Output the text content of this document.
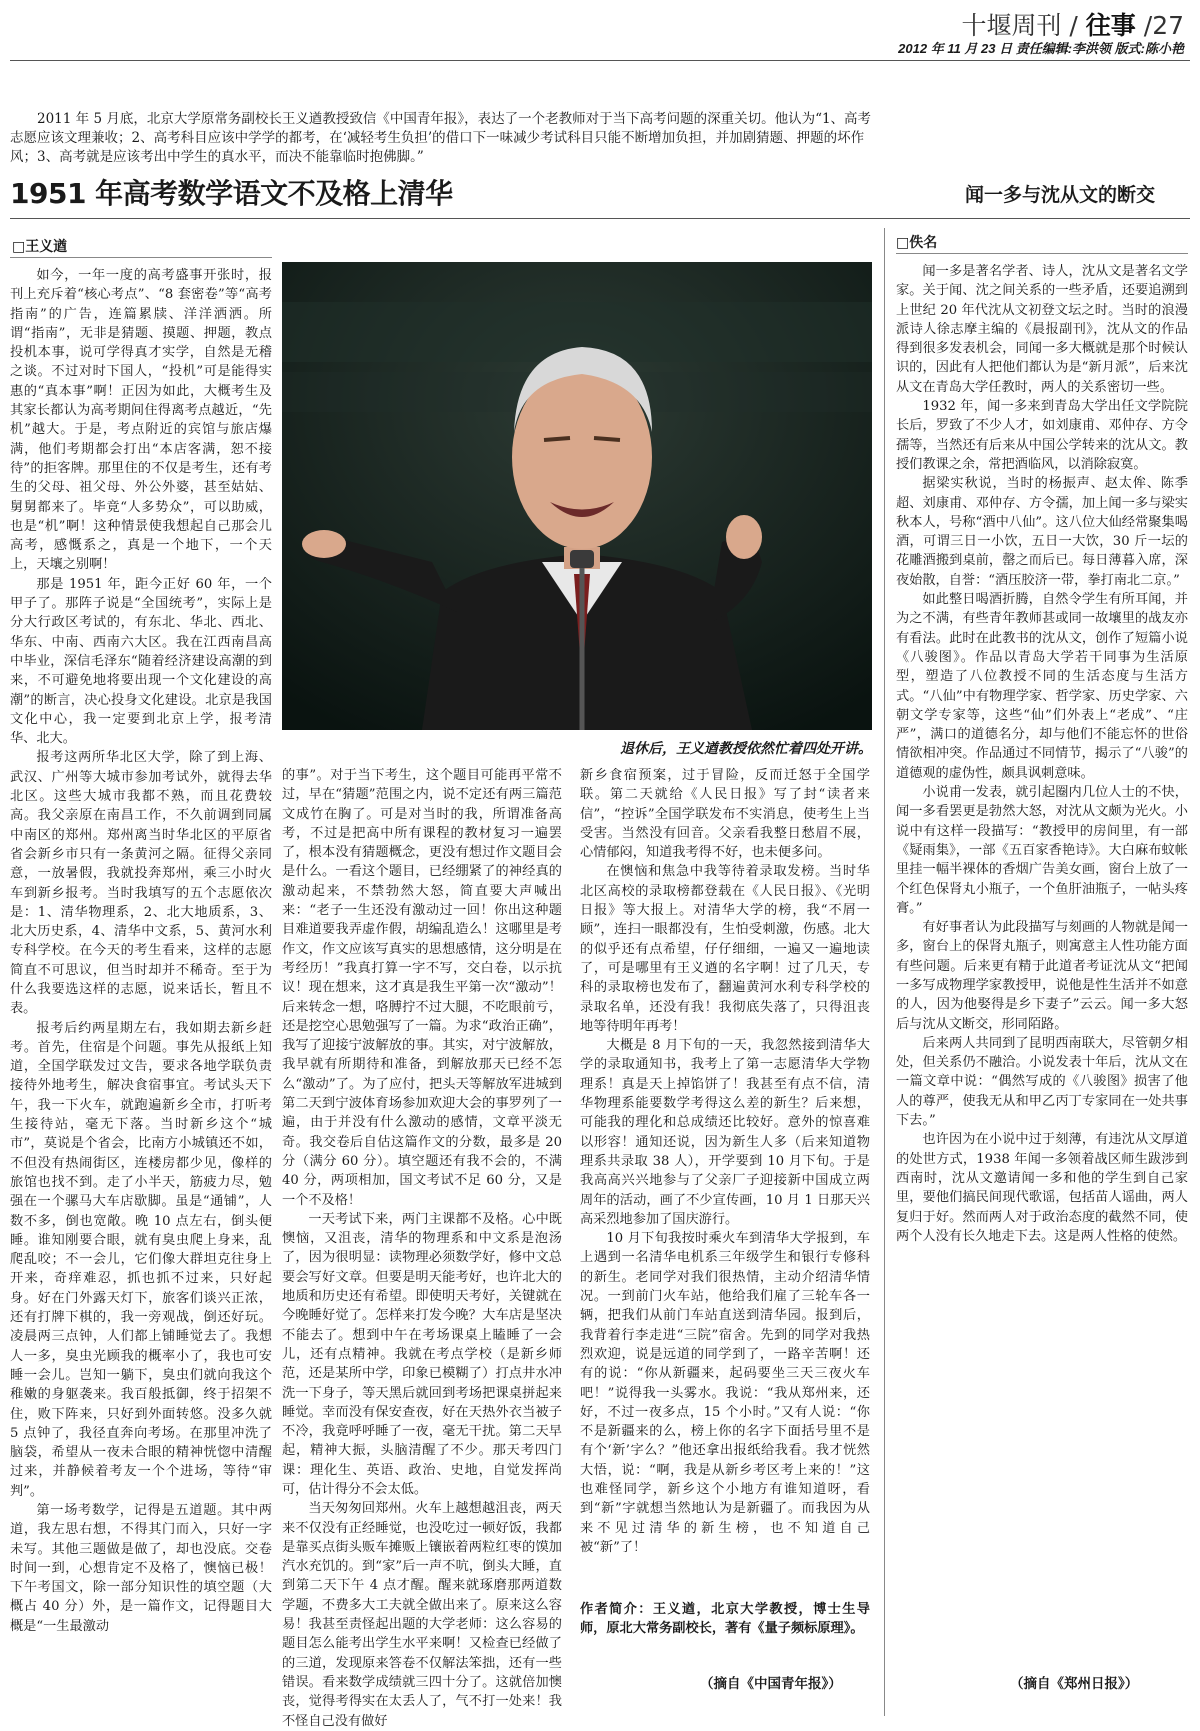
十堰周刊 / 往事 /27
2012 年 11 月 23 日 责任编辑:李洪领 版式:陈小艳
2011 年 5 月底，北京大学原常务副校长王义遒教授致信《中国青年报》，表达了一个老教师对于当下高考问题的深重关切。他认为“1、高考志愿应该文理兼收；2、高考科目应该中学学的都考，在‘减轻考生负担’的借口下一味减少考试科目只能不断增加负担，并加剧猜题、押题的坏作风；3、高考就是应该考出中学生的真水平，而决不能靠临时抱佛脚。”
1951 年高考数学语文不及格上清华	闻一多与沈从文的断交
□王义遒

如今，一年一度的高考盛事开张时，报刊上充斥着“核心考点”、“8 套密卷”等“高考指南”的广告，连篇累牍、洋洋洒洒。所谓“指南”，无非是猜题、摸题、押题，教点投机本事，说可学得真才实学，自然是无稽之谈。不过对时下国人，“投机”可是能得实惠的“真本事”啊！正因为如此，大概考生及其家长都认为高考期间住得离考点越近，“先机”越大。于是，考点附近的宾馆与旅店爆满，他们考期都会打出“本店客满，恕不接待”的拒客牌。那里住的不仅是考生，还有考生的父母、祖父母、外公外婆，甚至姑姑、舅舅都来了。毕竟“人多势众”，可以助威，也是“机”啊！这种情景使我想起自己那会儿高考，感慨系之，真是一个地下，一个天上，天壤之别啊！

那是 1951 年，距今正好 60 年，一个甲子了。那阵子说是“全国统考”，实际上是分大行政区考试的，有东北、华北、西北、华东、中南、西南六大区。我在江西南昌高中毕业，深信毛泽东“随着经济建设高潮的到来，不可避免地将要出现一个文化建设的高潮”的断言，决心投身文化建设。北京是我国文化中心，我一定要到北京上学，报考清华、北大。

报考这两所华北区大学，除了到上海、武汉、广州等大城市参加考试外，就得去华北区。这些大城市我都不熟，而且花费较高。我父亲原在南昌工作，不久前调到同属中南区的郑州。郑州离当时华北区的平原省省会新乡市只有一条黄河之隔。征得父亲同意，一放暑假，我就投奔郑州，乘三小时火车到新乡报考。当时我填写的五个志愿依次是：1、清华物理系，2、北大地质系，3、北大历史系，4、清华中文系，5、黄河水利专科学校。在今天的考生看来，这样的志愿简直不可思议，但当时却并不稀奇。至于为什么我要选这样的志愿，说来话长，暂且不表。

报考后约两星期左右，我如期去新乡赶考。首先，住宿是个问题。事先从报纸上知道，全国学联发过文告，要求各地学联负责接待外地考生，解决食宿事宜。考试头天下午，我一下火车，就跑遍新乡全市，打听考生接待站，毫无下落。当时新乡这个“城市”，莫说是个省会，比南方小城镇还不如，不但没有热闹街区，连楼房都少见，像样的旅馆也找不到。走了小半天，筋疲力尽，勉强在一个骡马大车店歇脚。虽是“通铺”，人数不多，倒也宽敞。晚 10 点左右，倒头便睡。谁知刚要合眼，就有臭虫爬上身来，乱爬乱咬；不一会儿，它们像大群坦克往身上开来，奇痒难忍，抓也抓不过来，只好起身。好在门外露天灯下，旅客们谈兴正浓，还有打牌下棋的，我一旁观战，倒还好玩。凌晨两三点钟，人们都上铺睡觉去了。我想人一多，臭虫光顾我的概率小了，我也可安睡一会儿。岂知一躺下，臭虫们就向我这个稚嫩的身躯袭来。我百般抵御，终于招架不住，败下阵来，只好到外面转悠。没多久就 5 点钟了，我径直奔向考场。在那里冲洗了脑袋，希望从一夜未合眼的精神恍惚中清醒过来，并静候着考友一个个进场，等待“审判”。

第一场考数学，记得是五道题。其中两道，我左思右想，不得其门而入，只好一字未写。其他三题做是做了，却也没底。交卷时间一到，心想肯定不及格了，懊恼已极！下午考国文，除一部分知识性的填空题（大概占 40 分）外，是一篇作文，记得题目大概是“一生最激动

退休后，王义遒教授依然忙着四处开讲。

的事”。对于当下考生，这个题目可能再平常不过，早在“猜题”范围之内，说不定还有两三篇范文成竹在胸了。可是对当时的我，所谓准备高考，不过是把高中所有课程的教材复习一遍罢了，根本没有猜题概念，更没有想过作文题目会是什么。一看这个题目，已经绷紧了的神经真的激动起来，不禁勃然大怒，简直要大声喊出来：“老子一生还没有激动过一回！你出这种题目难道要我弄虚作假，胡编乱造么！这哪里是考作文，作文应该写真实的思想感情，这分明是在考经历！”我真打算一字不写，交白卷，以示抗议！现在想来，这才真是我生平第一次“激动”！后来转念一想，咯膊拧不过大腿，不吃眼前亏，还是挖空心思勉强写了一篇。为求“政治正确”，我写了迎接宁波解放的事。其实，对宁波解放，我早就有所期待和准备，到解放那天已经不怎么“激动”了。为了应付，把头天等解放军进城到第二天到宁波体育场参加欢迎大会的事罗列了一遍，由于并没有什么激动的感情，文章平淡无奇。我交卷后自估这篇作文的分数，最多是 20 分（满分 60 分）。填空题还有我不会的，不满 40 分，两项相加，国文考试不足 60 分，又是一个不及格！

一天考试下来，两门主课都不及格。心中既懊恼，又沮丧，清华的物理系和中文系是泡汤了，因为很明显：读物理必须数学好，修中文总要会写好文章。但要是明天能考好，也许北大的地质和历史还有希望。即使明天考好，关键就在今晚睡好觉了。怎样来打发今晚？大车店是坚决不能去了。想到中午在考场课桌上瞌睡了一会儿，还有点精神。我就在考点学校（是新乡师范，还是某所中学，印象已模糊了）打点井水冲洗一下身子，等天黑后就回到考场把课桌拼起来睡觉。幸而没有保安查夜，好在天热外衣当被子不冷，我竟呼呼睡了一夜，毫无干扰。第二天早起，精神大振，头脑清醒了不少。那天考四门课：理化生、英语、政治、史地，自觉发挥尚可，估计得分不会太低。

当天匆匆回郑州。火车上越想越沮丧，两天来不仅没有正经睡觉，也没吃过一顿好饭，我都是靠买点街头贩车摊贩上镶嵌着两粒红枣的馍加汽水充饥的。到“家”后一声不吭，倒头大睡，直到第二天下午 4 点才醒。醒来就琢磨那两道数学题，不费多大工夫就全做出来了。原来这么容易！我甚至责怪起出题的大学老师：这么容易的题目怎么能考出学生水平来啊！又检查已经做了的三道，发现原来答卷不仅解法笨拙，还有一些错误。看来数学成绩就三四十分了。这就倍加懊丧，觉得考得实在太丢人了，气不打一处来！我不怪自己没有做好

新乡食宿预案，过于冒险，反而迁怒于全国学联。第二天就给《人民日报》写了封“读者来信”，“控诉”全国学联发布不实消息，使考生上当受害。当然没有回音。父亲看我整日愁眉不展，心情郁闷，知道我考得不好，也未便多问。

在懊恼和焦急中我等待着录取发榜。当时华北区高校的录取榜都登载在《人民日报》、《光明日报》等大报上。对清华大学的榜，我“不屑一顾”，连扫一眼都没有，生怕受刺激，伤感。北大的似乎还有点希望，仔仔细细，一遍又一遍地读了，可是哪里有王义遒的名字啊！过了几天，专科的录取榜也发布了，翻遍黄河水利专科学校的录取名单，还没有我！我彻底失落了，只得沮丧地等待明年再考！

大概是 8 月下旬的一天，我忽然接到清华大学的录取通知书，我考上了第一志愿清华大学物理系！真是天上掉馅饼了！我甚至有点不信，清华物理系能要数学考得这么差的新生？后来想，可能我的理化和总成绩还比较好。意外的惊喜难以形容！通知还说，因为新生人多（后来知道物理系共录取 38 人），开学要到 10 月下旬。于是我高高兴兴地参与了父亲厂子迎接新中国成立两周年的活动，画了不少宣传画，10 月 1 日那天兴高采烈地参加了国庆游行。

10 月下旬我按时乘火车到清华大学报到，车上遇到一名清华电机系三年级学生和银行专修科的新生。老同学对我们很热情，主动介绍清华情况。一到前门火车站，他给我们雇了三轮车各一辆，把我们从前门车站直送到清华园。报到后，我背着行李走进“三院”宿舍。先到的同学对我热烈欢迎，说是远道的同学到了，一路辛苦啊！还有的说：“你从新疆来，起码要坐三天三夜火车吧！”说得我一头雾水。我说：“我从郑州来，还好，不过一夜多点，15 个小时。”又有人说：“你不是新疆来的么，榜上你的名字下面括号里不是有个‘新’字么？”他还拿出报纸给我看。我才恍然大悟，说：“啊，我是从新乡考区考上来的！”这也难怪同学，新乡这个小地方有谁知道呀，看到“新”字就想当然地认为是新疆了。而我因为从来不见过清华的新生榜，也不知道自己被“新”了！

作者简介：王义遒，北京大学教授，博士生导师，原北大常务副校长，著有《量子频标原理》。
（摘自《中国青年报》）
□佚名

闻一多是著名学者、诗人，沈从文是著名文学家。关于闻、沈之间关系的一些矛盾，还要追溯到上世纪 20 年代沈从文初登文坛之时。当时的浪漫派诗人徐志摩主编的《晨报副刊》，沈从文的作品得到很多发表机会，同闻一多大概就是那个时候认识的，因此有人把他们都认为是“新月派”，后来沈从文在青岛大学任教时，两人的关系密切一些。

1932 年，闻一多来到青岛大学出任文学院院长后，罗致了不少人才，如刘康甫、邓仲存、方令孺等，当然还有后来从中国公学转来的沈从文。教授们教课之余，常把酒临风，以消除寂寞。

据梁实秋说，当时的杨振声、赵太侔、陈季超、刘康甫、邓仲存、方令孺，加上闻一多与梁实秋本人，号称“酒中八仙”。这八位大仙经常聚集喝酒，可谓三日一小饮，五日一大饮，30 斤一坛的花雕酒搬到桌前，罄之而后已。每日薄暮入席，深夜始散，自誉：“酒压胶济一带，拳打南北二京。”

如此整日喝酒折腾，自然令学生有所耳闻，并为之不满，有些青年教师甚或同一故壤里的战友亦有看法。此时在此教书的沈从文，创作了短篇小说《八骏图》。作品以青岛大学若干同事为生活原型，塑造了八位教授不同的生活态度与生活方式。“八仙”中有物理学家、哲学家、历史学家、六朝文学专家等，这些“仙”们外表上“老成”、“庄严”，满口的道德名分，却与他们不能忘怀的世俗情欲相冲突。作品通过不同情节，揭示了“八骏”的道德观的虚伪性，颇具讽刺意味。

小说甫一发表，就引起圈内几位人士的不快，闻一多看罢更是勃然大怒，对沈从文颇为光火。小说中有这样一段描写：“教授甲的房间里，有一部《疑雨集》，一部《五百家香艳诗》。大白麻布蚊帐里挂一幅半裸体的香烟广告美女画，窗台上放了一个红色保肾丸小瓶子，一个鱼肝油瓶子，一帖头疼膏。”

有好事者认为此段描写与刻画的人物就是闻一多，窗台上的保肾丸瓶子，则寓意主人性功能方面有些问题。后来更有精于此道者考证沈从文“把闻一多写成物理学家教授甲，说他是性生活并不如意的人，因为他娶得是乡下妻子”云云。闻一多大怒后与沈从文断交，形同陌路。

后来两人共同到了昆明西南联大，尽管朝夕相处，但关系仍不融洽。小说发表十年后，沈从文在一篇文章中说：“偶然写成的《八骏图》损害了他人的尊严，使我无从和甲乙丙丁专家同在一处共事下去。”

也许因为在小说中过于刻薄，有违沈从文厚道的处世方式，1938 年闻一多领着战区师生跋涉到西南时，沈从文邀请闻一多和他的学生到自己家里，要他们搞民间现代歌谣，包括苗人谣曲，两人复归于好。然而两人对于政治态度的截然不同，使两个人没有长久地走下去。这是两人性格的使然。

（摘自《郑州日报》）
